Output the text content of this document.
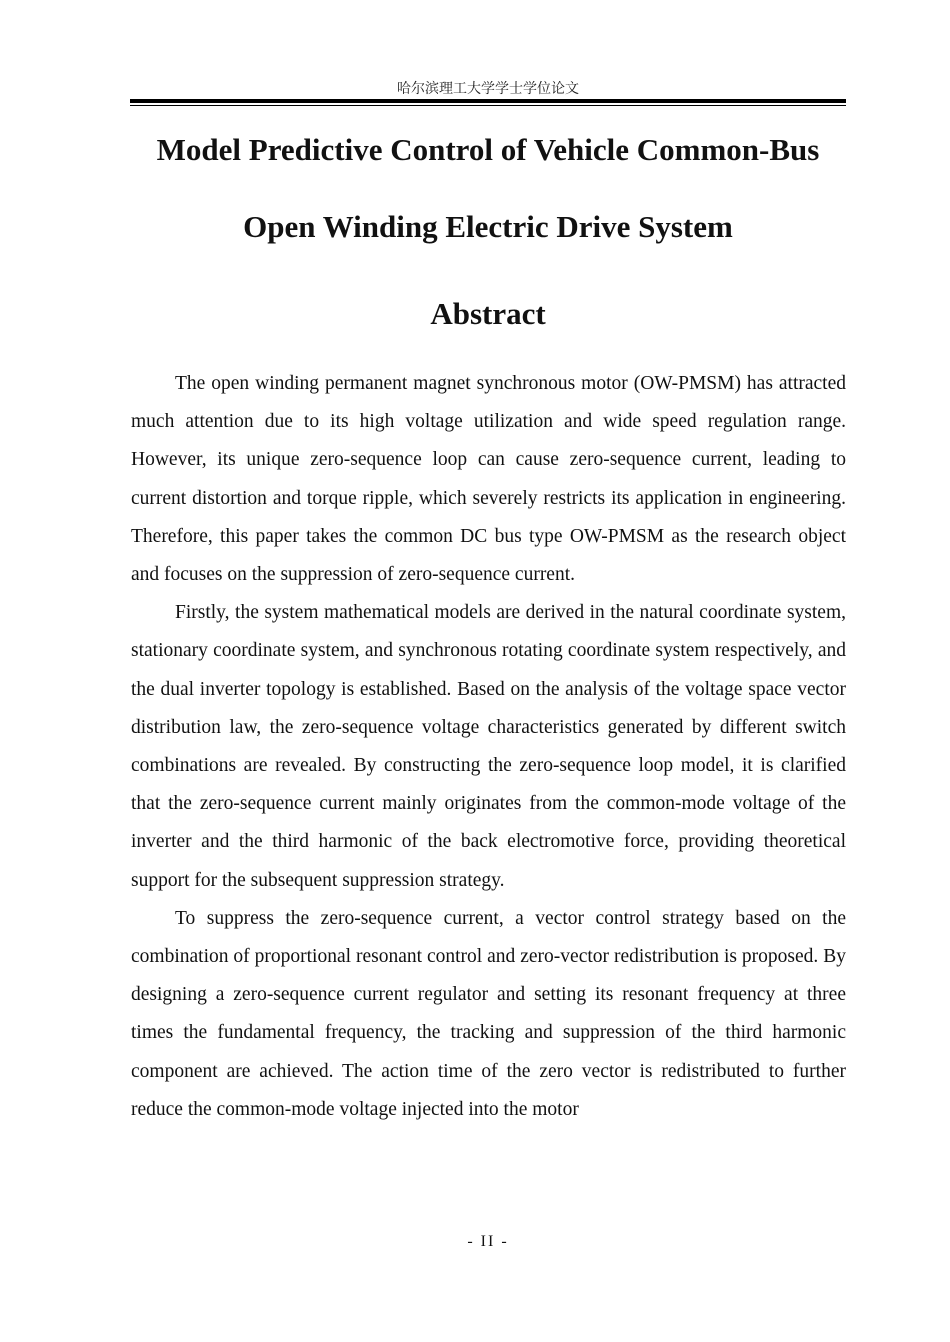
哈尔滨理工大学学士学位论文
Model Predictive Control of Vehicle Common-Bus
Open Winding Electric Drive System
Abstract

The open winding permanent magnet synchronous motor (OW-PMSM) has attracted much attention due to its high voltage utilization and wide speed regulation range. However, its unique zero-sequence loop can cause zero-sequence current, leading to current distortion and torque ripple, which severely restricts its application in engineering. Therefore, this paper takes the common DC bus type OW-PMSM as the research object and focuses on the suppression of zero-sequence current.

Firstly, the system mathematical models are derived in the natural coordinate system, stationary coordinate system, and synchronous rotating coordinate system respectively, and the dual inverter topology is established. Based on the analysis of the voltage space vector distribution law, the zero-sequence voltage characteristics generated by different switch combinations are revealed. By constructing the zero-sequence loop model, it is clarified that the zero-sequence current mainly originates from the common-mode voltage of the inverter and the third harmonic of the back electromotive force, providing theoretical support for the subsequent suppression strategy.

To suppress the zero-sequence current, a vector control strategy based on the combination of proportional resonant control and zero-vector redistribution is proposed. By designing a zero-sequence current regulator and setting its resonant frequency at three times the fundamental frequency, the tracking and suppression of the third harmonic component are achieved. The action time of the zero vector is redistributed to further reduce the common-mode voltage injected into the motor

- II -
